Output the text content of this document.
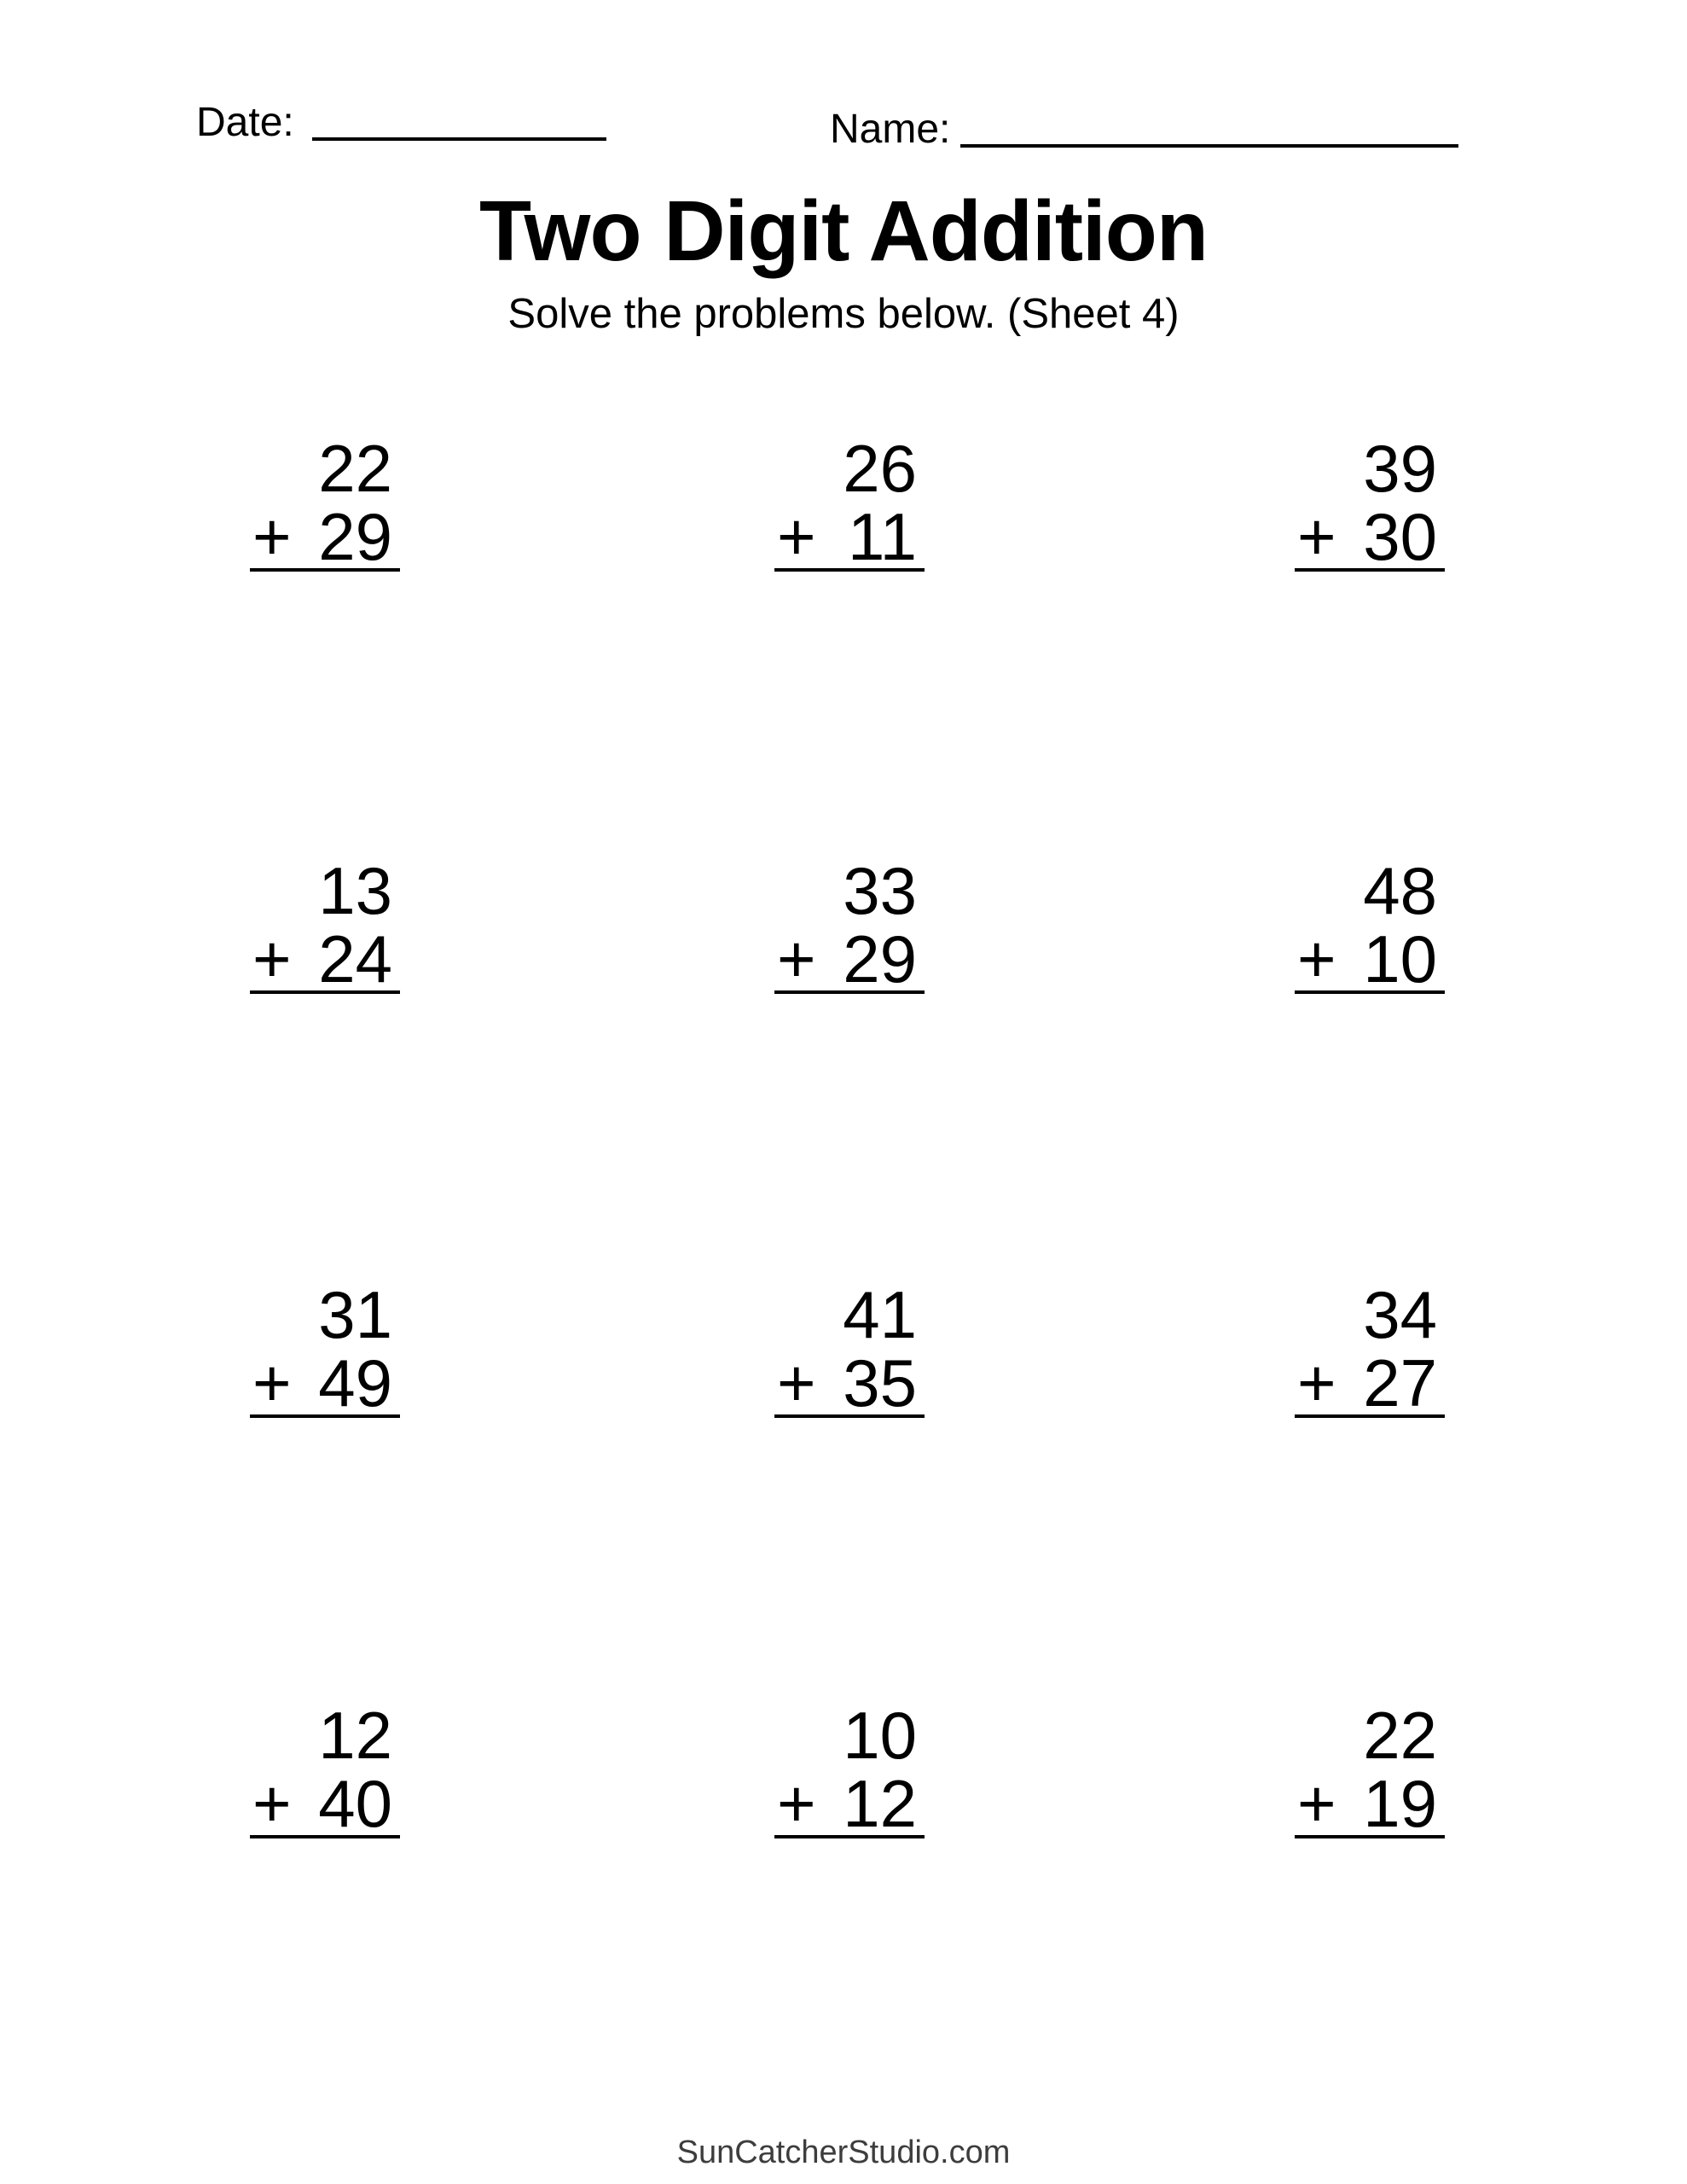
Date:	Name:
Two Digit Addition
Solve the problems below. (Sheet 4)
22
+ 29
26
+ 11
39
+ 30
13
+ 24
33
+ 29
48
+ 10
31
+ 49
41
+ 35
34
+ 27
12
+ 40
10
+ 12
22
+ 19
SunCatcherStudio.com
